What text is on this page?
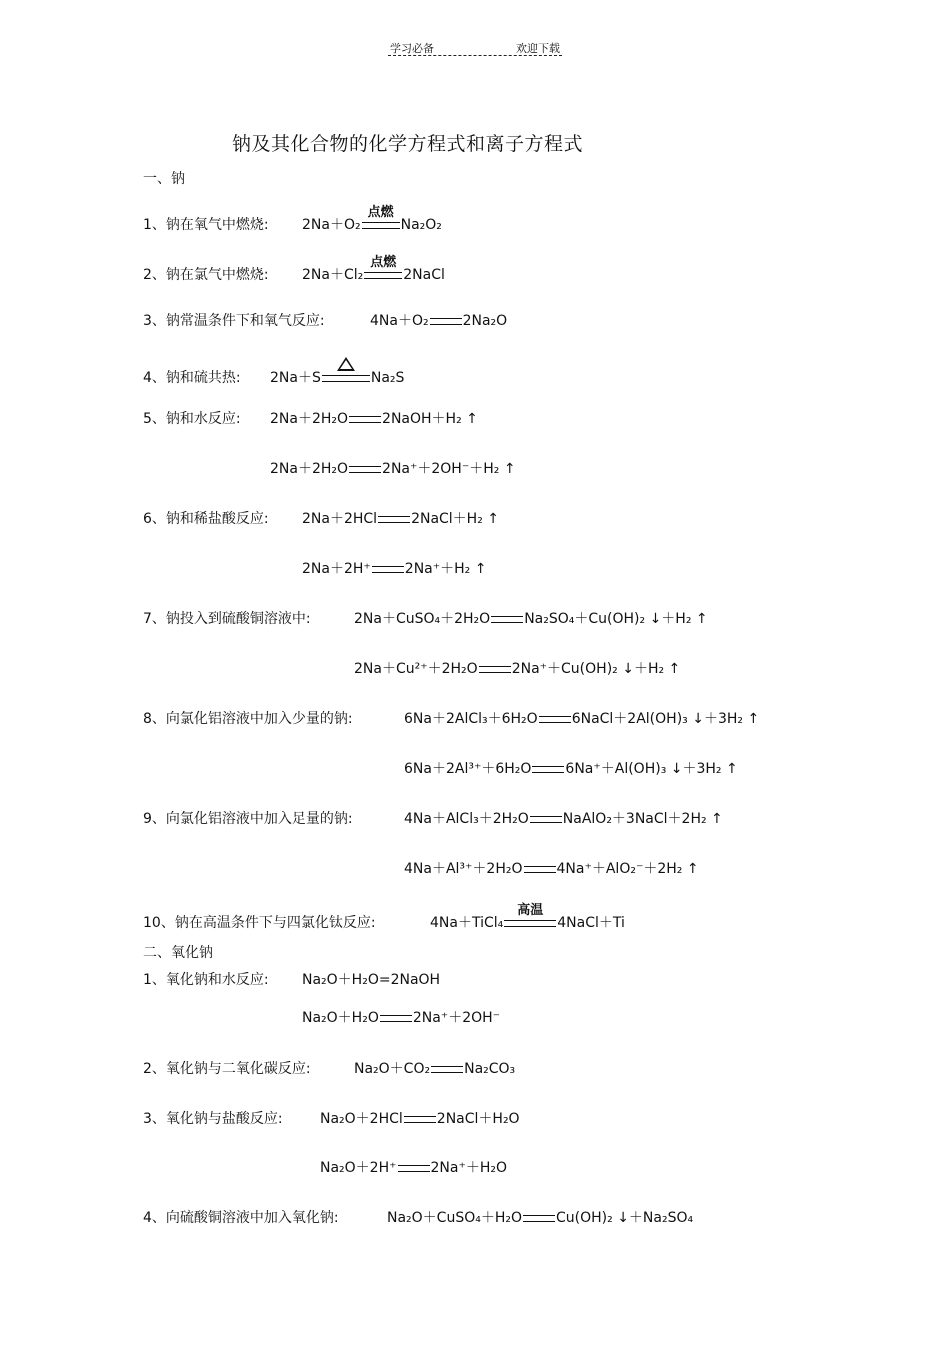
学习必备	欢迎下载
钠及其化合物的化学方程式和离子方程式
一、钠
1、钠在氧气中燃烧: 2Na＋O₂
点燃
Na₂O₂
2、钠在氯气中燃烧: 2Na＋Cl₂
点燃
2NaCl
3、钠常温条件下和氧气反应:	4Na＋O₂ 2Na₂O
4、钠和硫共热: 2Na＋S	Na₂S
5、钠和水反应: 2Na＋2H₂O 2NaOH＋H₂ ↑
2Na＋2H₂O 2Na⁺＋2OH⁻＋H₂ ↑
6、钠和稀盐酸反应: 2Na＋2HCl 2NaCl＋H₂ ↑
2Na＋2H⁺ 2Na⁺＋H₂ ↑
7、钠投入到硫酸铜溶液中:	2Na＋CuSO₄＋2H₂O Na₂SO₄＋Cu(OH)₂ ↓＋H₂ ↑
2Na＋Cu²⁺＋2H₂O 2Na⁺＋Cu(OH)₂ ↓＋H₂ ↑
8、向氯化铝溶液中加入少量的钠:	6Na＋2AlCl₃＋6H₂O 6NaCl＋2Al(OH)₃ ↓＋3H₂ ↑
6Na＋2Al³⁺＋6H₂O 6Na⁺＋Al(OH)₃ ↓＋3H₂ ↑
9、向氯化铝溶液中加入足量的钠:	4Na＋AlCl₃＋2H₂O NaAlO₂＋3NaCl＋2H₂ ↑
4Na＋Al³⁺＋2H₂O 4Na⁺＋AlO₂⁻＋2H₂ ↑
10、钠在高温条件下与四氯化钛反应:	4Na＋TiCl₄
高温
4NaCl＋Ti
二、氧化钠
1、氧化钠和水反应: Na₂O＋H₂O=2NaOH
Na₂O＋H₂O 2Na⁺＋2OH⁻
2、氧化钠与二氧化碳反应:	Na₂O＋CO₂ Na₂CO₃
3、氧化钠与盐酸反应:	Na₂O＋2HCl 2NaCl＋H₂O
Na₂O＋2H⁺ 2Na⁺＋H₂O
4、向硫酸铜溶液中加入氧化钠:	Na₂O＋CuSO₄＋H₂O Cu(OH)₂ ↓＋Na₂SO₄
